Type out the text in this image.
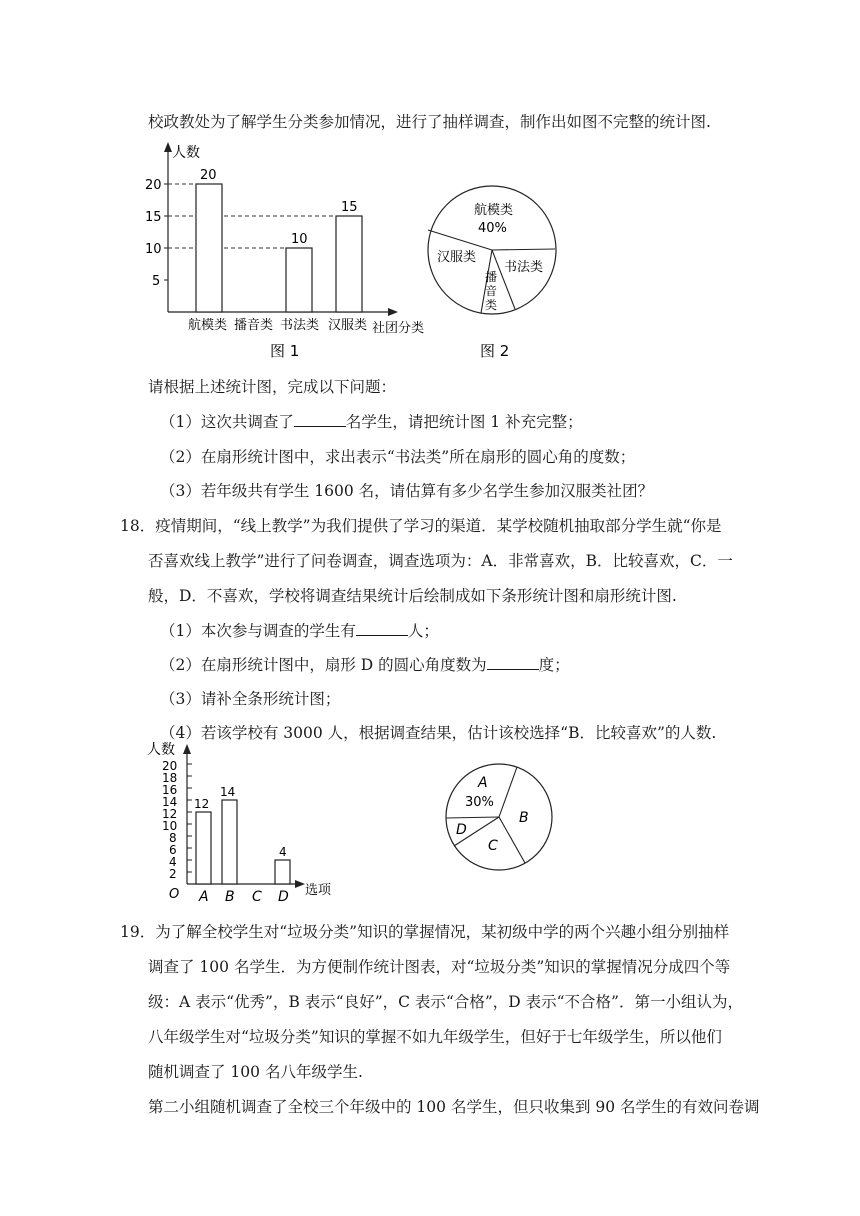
校政教处为了解学生分类参加情况，进行了抽样调查，制作出如图不完整的统计图.
人数
社团分类
5
10
15
20
20
10
15
航模类 播音类 书法类 汉服类
图 1
航模类
40%
汉服类
书法类
播
音
类
图 2
请根据上述统计图，完成以下问题：
（1）这次共调查了	名学生，请把统计图 1 补充完整；
（2）在扇形统计图中，求出表示“书法类”所在扇形的圆心角的度数；
（3）若年级共有学生 1600 名，请估算有多少名学生参加汉服类社团？
18．疫情期间，“线上教学”为我们提供了学习的渠道．某学校随机抽取部分学生就“你是
否喜欢线上教学”进行了问卷调查，调查选项为：A．非常喜欢，B．比较喜欢，C．一
般，D．不喜欢，学校将调查结果统计后绘制成如下条形统计图和扇形统计图.
（1）本次参与调查的学生有	人；
（2）在扇形统计图中，扇形 D 的圆心角度数为	度；
（3）请补全条形统计图；
（4）若该学校有 3000 人，根据调查结果，估计该校选择“B．比较喜欢”的人数.
人数
选项
O
2
4
6
8
10
12
14
16
18
20
12
14
4
A B C D
A
B
C
D
30%
19．为了解全校学生对“垃圾分类”知识的掌握情况，某初级中学的两个兴趣小组分别抽样
调查了 100 名学生．为方便制作统计图表，对“垃圾分类”知识的掌握情况分成四个等
级：A 表示“优秀”，B 表示“良好”，C 表示“合格”，D 表示“不合格”．第一小组认为，
八年级学生对“垃圾分类”知识的掌握不如九年级学生，但好于七年级学生，所以他们
随机调查了 100 名八年级学生.
第二小组随机调查了全校三个年级中的 100 名学生，但只收集到 90 名学生的有效问卷调
